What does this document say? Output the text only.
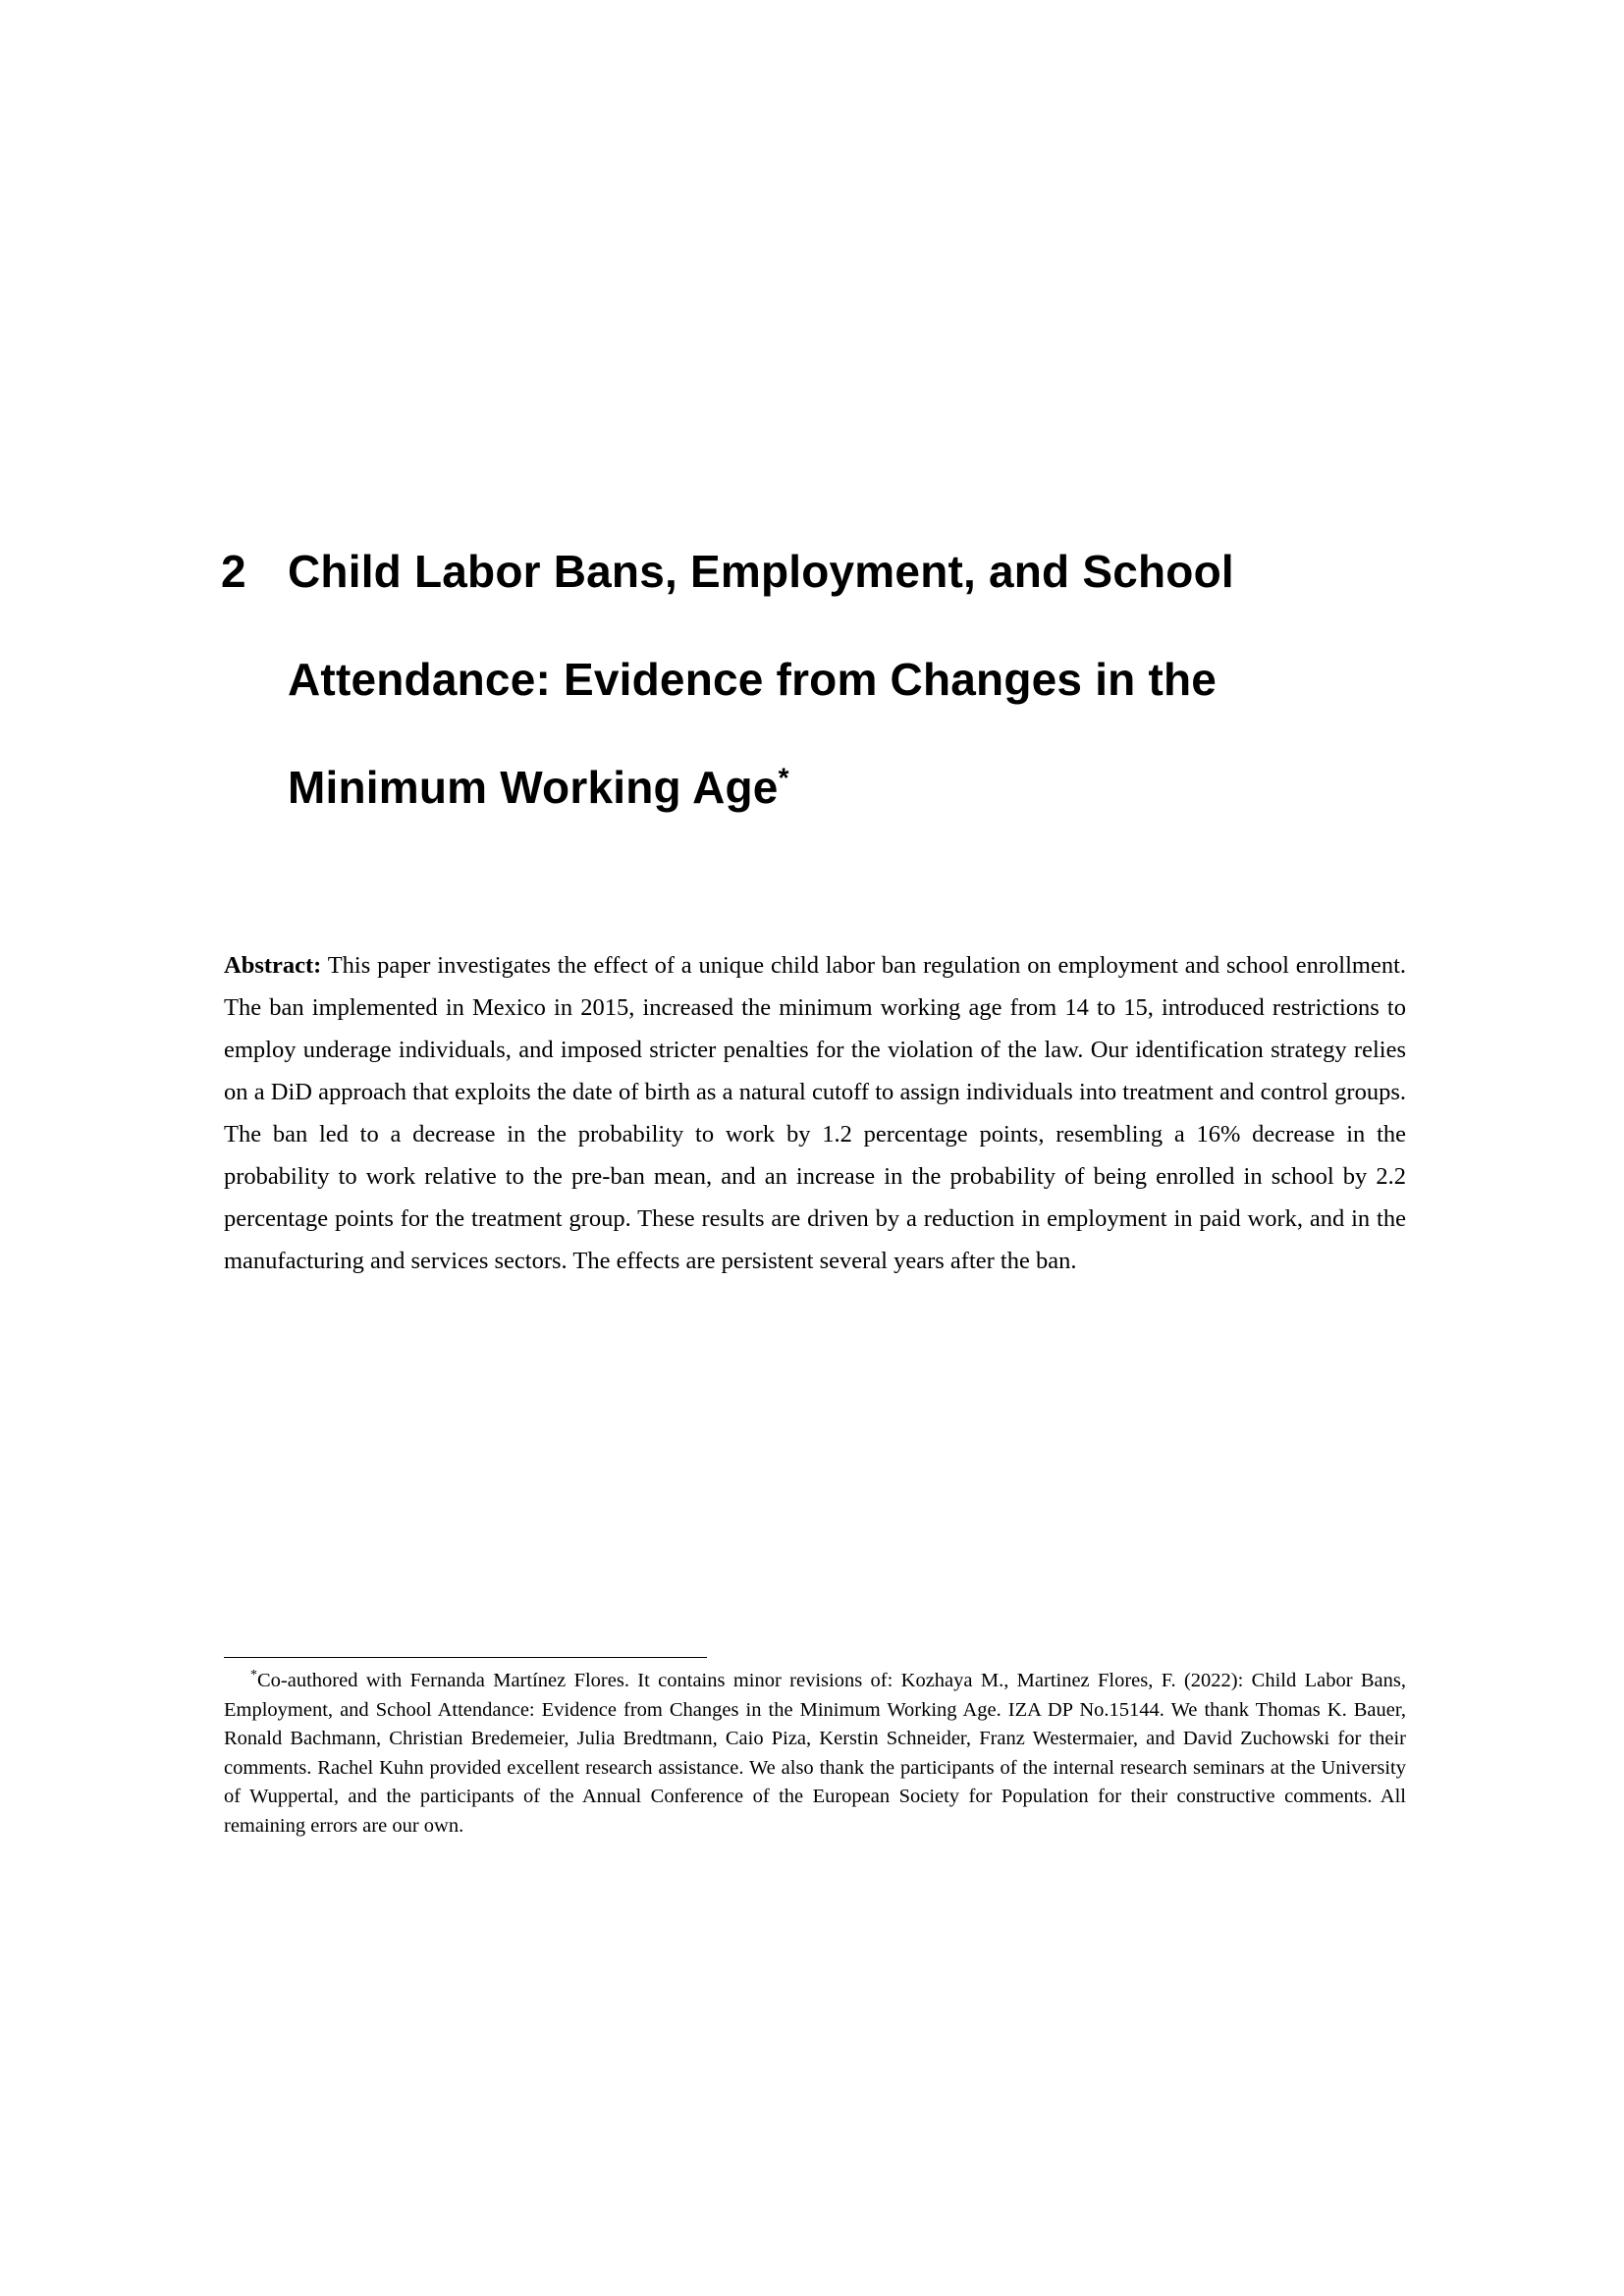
2 Child Labor Bans, Employment, and School
Attendance: Evidence from Changes in the
Minimum Working Age*

Abstract: This paper investigates the effect of a unique child labor ban regulation on employment and school enrollment. The ban implemented in Mexico in 2015, increased the minimum working age from 14 to 15, introduced restrictions to employ underage individuals, and imposed stricter penalties for the violation of the law. Our identification strategy relies on a DiD approach that exploits the date of birth as a natural cutoff to assign individuals into treatment and control groups. The ban led to a decrease in the probability to work by 1.2 percentage points, resembling a 16% decrease in the probability to work relative to the pre-ban mean, and an increase in the probability of being enrolled in school by 2.2 percentage points for the treatment group. These results are driven by a reduction in employment in paid work, and in the manufacturing and services sectors. The effects are persistent several years after the ban.

*Co-authored with Fernanda Martínez Flores. It contains minor revisions of: Kozhaya M., Martinez Flores, F. (2022): Child Labor Bans, Employment, and School Attendance: Evidence from Changes in the Minimum Working Age. IZA DP No.15144. We thank Thomas K. Bauer, Ronald Bachmann, Christian Bredemeier, Julia Bredtmann, Caio Piza, Kerstin Schneider, Franz Westermaier, and David Zuchowski for their comments. Rachel Kuhn provided excellent research assistance. We also thank the participants of the internal research seminars at the University of Wuppertal, and the participants of the Annual Conference of the European Society for Population for their constructive comments. All remaining errors are our own.
